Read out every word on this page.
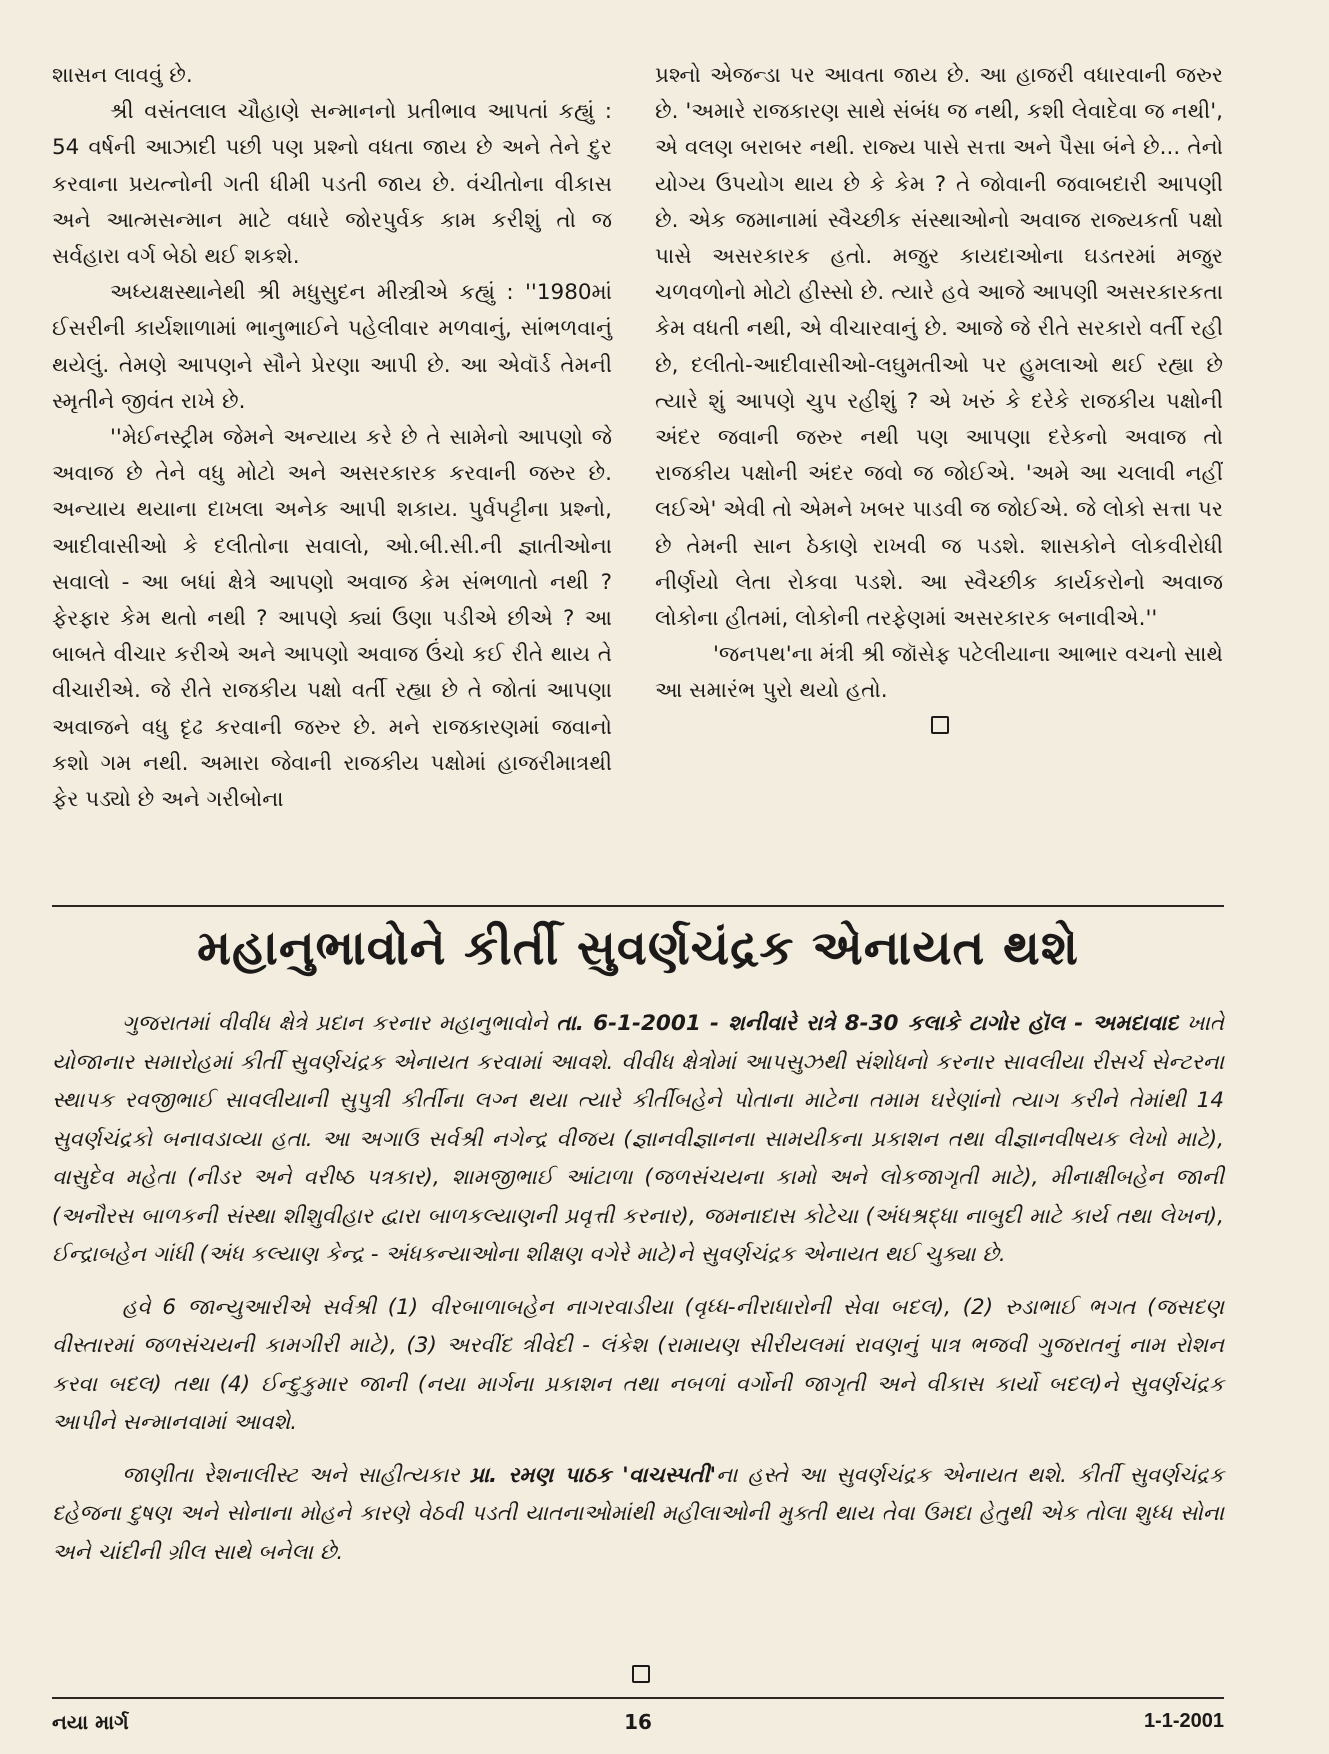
શાસન લાવવું છે.

શ્રી વસંતલાલ ચૌહાણે સન્માનનો પ્રતીભાવ આપતાં કહ્યું : 54 વર્ષની આઝાદી પછી પણ પ્રશ્નો વધતા જાય છે અને તેને દુર કરવાના પ્રયત્નોની ગતી ધીમી પડતી જાય છે. વંચીતોના વીકાસ અને આત્મસન્માન માટે વધારે જોરપુર્વક કામ કરીશું તો જ સર્વહારા વર્ગ બેઠો થઈ શકશે.

અધ્યક્ષસ્થાનેથી શ્રી મધુસુદન મીસ્ત્રીએ કહ્યું : ''1980માં ઈસરીની કાર્યશાળામાં ભાનુભાઈને પહેલીવાર મળવાનું, સાંભળવાનું થયેલું. તેમણે આપણને સૌને પ્રેરણા આપી છે. આ એવૉર્ડ તેમની સ્મૃતીને જીવંત રાખે છે.

''મેઈનસ્ટ્રીમ જેમને અન્યાય કરે છે તે સામેનો આપણો જે અવાજ છે તેને વધુ મોટો અને અસરકારક કરવાની જરુર છે. અન્યાય થયાના દાખલા અનેક આપી શકાય. પુર્વપટ્ટીના પ્રશ્નો, આદીવાસીઓ કે દલીતોના સવાલો, ઓ.બી.સી.ની જ્ઞાતીઓના સવાલો - આ બધાં ક્ષેત્રે આપણો અવાજ કેમ સંભળાતો નથી ? ફેરફાર કેમ થતો નથી ? આપણે ક્યાં ઉણા પડીએ છીએ ? આ બાબતે વીચાર કરીએ અને આપણો અવાજ ઉંચો કઈ રીતે થાય તે વીચારીએ. જે રીતે રાજકીય પક્ષો વર્તી રહ્યા છે તે જોતાં આપણા અવાજને વધુ દૃઢ કરવાની જરુર છે. મને રાજકારણમાં જવાનો કશો ગમ નથી. અમારા જેવાની રાજકીય પક્ષોમાં હાજરીમાત્રથી ફેર પડ્યો છે અને ગરીબોના

પ્રશ્નો એજન્ડા પર આવતા જાય છે. આ હાજરી વધારવાની જરુર છે. 'અમારે રાજકારણ સાથે સંબંધ જ નથી, કશી લેવાદેવા જ નથી', એ વલણ બરાબર નથી. રાજ્ય પાસે સત્તા અને પૈસા બંને છે... તેનો યોગ્ય ઉપયોગ થાય છે કે કેમ ? તે જોવાની જવાબદારી આપણી છે. એક જમાનામાં સ્વૈચ્છીક સંસ્થાઓનો અવાજ રાજ્યકર્તા પક્ષો પાસે અસરકારક હતો. મજુર કાયદાઓના ઘડતરમાં મજુર ચળવળોનો મોટો હીસ્સો છે. ત્યારે હવે આજે આપણી અસરકારકતા કેમ વધતી નથી, એ વીચારવાનું છે. આજે જે રીતે સરકારો વર્તી રહી છે, દલીતો-આદીવાસીઓ-લઘુમતીઓ પર હુમલાઓ થઈ રહ્યા છે ત્યારે શું આપણે ચુપ રહીશું ? એ ખરું કે દરેકે રાજકીય પક્ષોની અંદર જવાની જરુર નથી પણ આપણા દરેકનો અવાજ તો રાજકીય પક્ષોની અંદર જવો જ જોઈએ. 'અમે આ ચલાવી નહીં લઈએ' એવી તો એમને ખબર પાડવી જ જોઈએ. જે લોકો સત્તા પર છે તેમની સાન ઠેકાણે રાખવી જ પડશે. શાસકોને લોકવીરોધી નીર્ણયો લેતા રોકવા પડશે. આ સ્વૈચ્છીક કાર્યકરોનો અવાજ લોકોના હીતમાં, લોકોની તરફેણમાં અસરકારક બનાવીએ.''

'જનપથ'ના મંત્રી શ્રી જૉસેફ પટેલીયાના આભાર વચનો સાથે આ સમારંભ પુરો થયો હતો.

મહાનુભાવોને કીર્તી સુવર્ણચંદ્રક એનાયત થશે

ગુજરાતમાં વીવીધ ક્ષેત્રે પ્રદાન કરનાર મહાનુભાવોને તા. 6-1-2001 - શનીવારે રાત્રે 8-30 કલાકે ટાગોર હૉલ - અમદાવાદ ખાતે યોજાનાર સમારોહમાં કીર્તી સુવર્ણચંદ્રક એનાયત કરવામાં આવશે. વીવીધ ક્ષેત્રોમાં આપસુઝથી સંશોધનો કરનાર સાવલીયા રીસર્ચ સેન્ટરના સ્થાપક રવજીભાઈ સાવલીયાની સુપુત્રી કીર્તીના લગ્ન થયા ત્યારે કીર્તીબહેને પોતાના માટેના તમામ ઘરેણાંનો ત્યાગ કરીને તેમાંથી 14 સુવર્ણચંદ્રકો બનાવડાવ્યા હતા. આ અગાઉ સર્વશ્રી નગેન્દ્ર વીજય (જ્ઞાનવીજ્ઞાનના સામયીકના પ્રકાશન તથા વીજ્ઞાનવીષયક લેખો માટે), વાસુદેવ મહેતા (નીડર અને વરીષ્ઠ પત્રકાર), શામજીભાઈ આંટાળા (જળસંચયના કામો અને લોકજાગૃતી માટે), મીનાક્ષીબહેન જાની (અનૌરસ બાળકની સંસ્થા શીશુવીહાર દ્વારા બાળકલ્યાણની પ્રવૃત્તી કરનાર), જમનાદાસ કોટેચા (અંધશ્રદ્ધા નાબુદી માટે કાર્ય તથા લેખન), ઈન્દ્રાબહેન ગાંધી (અંધ કલ્યાણ કેન્દ્ર - અંધકન્યાઓના શીક્ષણ વગેરે માટે)ને સુવર્ણચંદ્રક એનાયત થઈ ચુક્યા છે.

હવે 6 જાન્યુઆરીએ સર્વશ્રી (1) વીરબાળાબહેન નાગરવાડીયા (વૃધ્ધ-નીરાધારોની સેવા બદલ), (2) રુડાભાઈ ભગત (જસદણ વીસ્તારમાં જળસંચયની કામગીરી માટે), (3) અરવીંદ ત્રીવેદી - લંકેશ (રામાયણ સીરીયલમાં રાવણનું પાત્ર ભજવી ગુજરાતનું નામ રોશન કરવા બદલ) તથા (4) ઈન્દુકુમાર જાની (નયા માર્ગના પ્રકાશન તથા નબળાં વર્ગોની જાગૃતી અને વીકાસ કાર્યો બદલ)ને સુવર્ણચંદ્રક આપીને સન્માનવામાં આવશે.

જાણીતા રેશનાલીસ્ટ અને સાહીત્યકાર પ્રા. રમણ પાઠક 'વાચસ્પતી'ના હસ્તે આ સુવર્ણચંદ્રક એનાયત થશે. કીર્તી સુવર્ણચંદ્રક દહેજના દુષણ અને સોનાના મોહને કારણે વેઠવી પડતી યાતનાઓમાંથી મહીલાઓની મુક્તી થાય તેવા ઉમદા હેતુથી એક તોલા શુધ્ધ સોના અને ચાંદીની ગ્રીલ સાથે બનેલા છે.

નયા માર્ગ	16	1-1-2001
